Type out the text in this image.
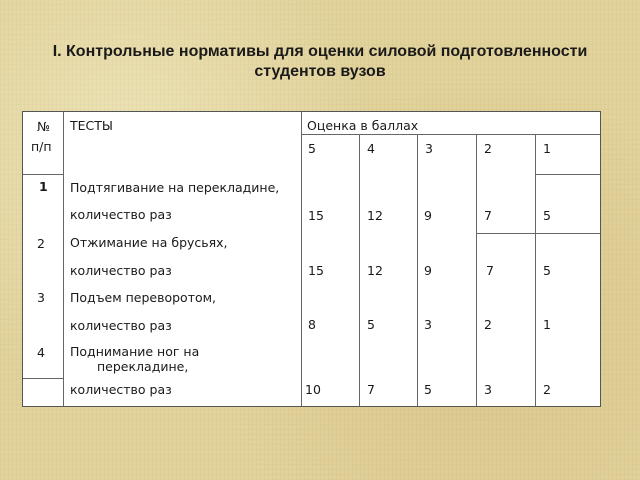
I. Контрольные нормативы для оценки силовой подготовленности
студентов вузов
№
п/п
ТЕСТЫ	Оценка в баллах
5	4	3	2	1
1 Подтягивание на перекладине,
количество раз	15	12	9	7	5
2 Отжимание на брусьях,
количество раз	15	12	9	7	5
3 Подъем переворотом,
количество раз	8	5	3	2	1
4 Поднимание ног на
перекладине,
количество раз	10	7	5	3	2
